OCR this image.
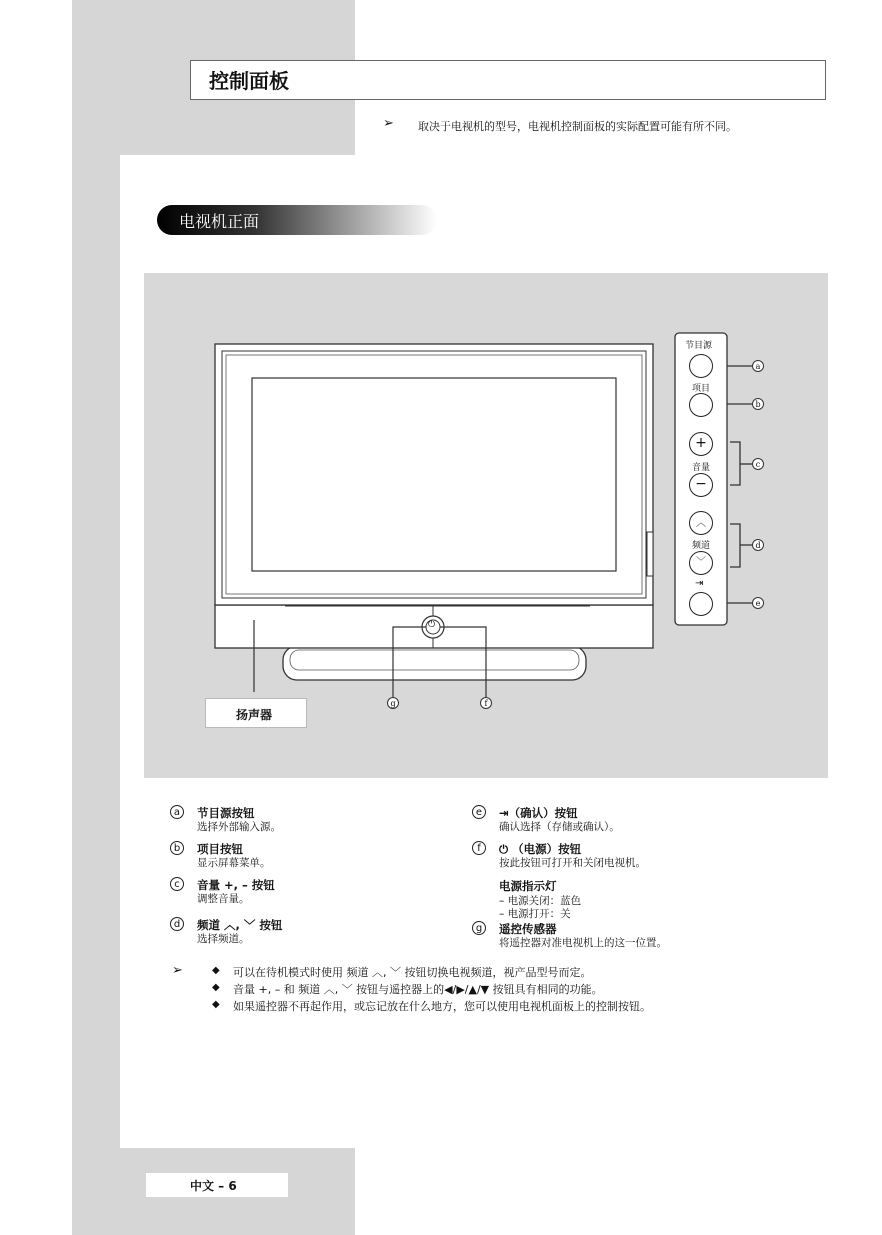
控制面板
➢ 取决于电视机的型号，电视机控制面板的实际配置可能有所不同。
电视机正面
⏻
节目源
项目
+
音量
−
︿
频道
﹀
⇥
a
b
c
d
e
g	f
扬声器
a	节目源按钮
选择外部输入源。
b	项目按钮
显示屏幕菜单。
c	音量 +, – 按钮
调整音量。
d	频道 ︿, ﹀ 按钮
选择频道。
e	⇥（确认）按钮
确认选择（存储或确认）。
f	⏻ （电源）按钮
按此按钮可打开和关闭电视机。
电源指示灯
– 电源关闭：蓝色
– 电源打开：关
g	遥控传感器
将遥控器对准电视机上的这一位置。
➢	◆ 可以在待机模式时使用 频道 ︿, ﹀ 按钮切换电视频道，视产品型号而定。
◆ 音量 +, – 和 频道 ︿, ﹀ 按钮与遥控器上的◀/▶/▲/▼ 按钮具有相同的功能。
◆ 如果遥控器不再起作用，或忘记放在什么地方，您可以使用电视机面板上的控制按钮。
中文 – 6
